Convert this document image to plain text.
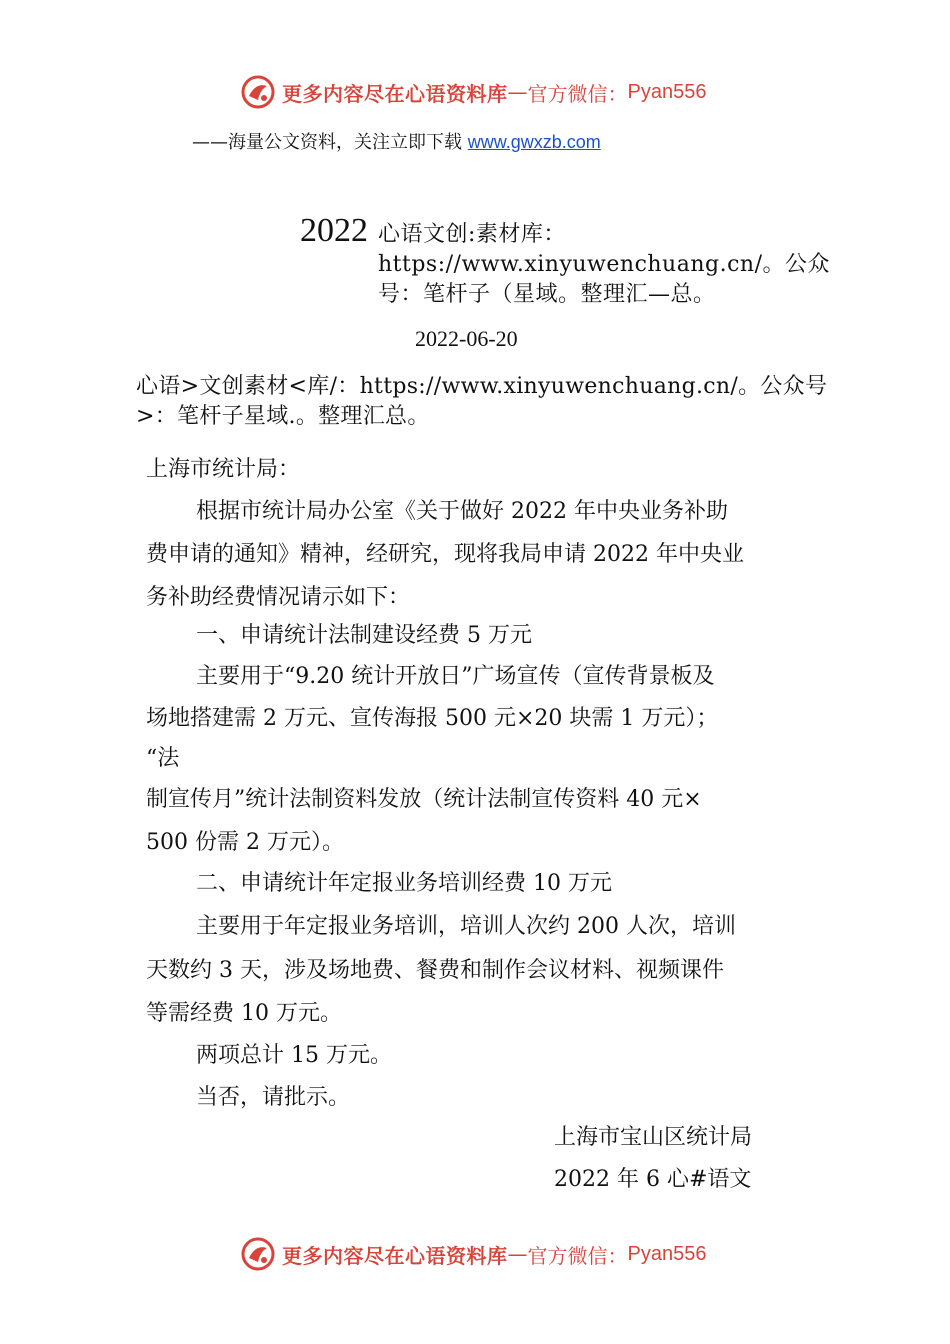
更多内容尽在心语资料库 — 官方微信： Pyan556
——海量公文资料，关注立即下载 www.gwxzb.com
2022 心语文创:素材库：https://www.xinyuwenchuang.cn/。公众号：笔杆子（星域。整理汇—总。
2022-06-20
心语>文创素材<库/：https://www.xinyuwenchuang.cn/。公众号>：笔杆子星域.。整理汇总。
上海市统计局：
根据市统计局办公室《关于做好 2022 年中央业务补助
费申请的通知》精神，经研究，现将我局申请 2022 年中央业
务补助经费情况请示如下：
一、申请统计法制建设经费 5 万元
主要用于“9.20 统计开放日”广场宣传（宣传背景板及
场地搭建需 2 万元、宣传海报 500 元×20 块需 1 万元）；
“法
制宣传月”统计法制资料发放（统计法制宣传资料 40 元×
500 份需 2 万元）。
二、申请统计年定报业务培训经费 10 万元
主要用于年定报业务培训，培训人次约 200 人次，培训
天数约 3 天，涉及场地费、餐费和制作会议材料、视频课件
等需经费 10 万元。
两项总计 15 万元。
当否，请批示。
上海市宝山区统计局
2022 年 6 心#语文
更多内容尽在心语资料库 — 官方微信： Pyan556
